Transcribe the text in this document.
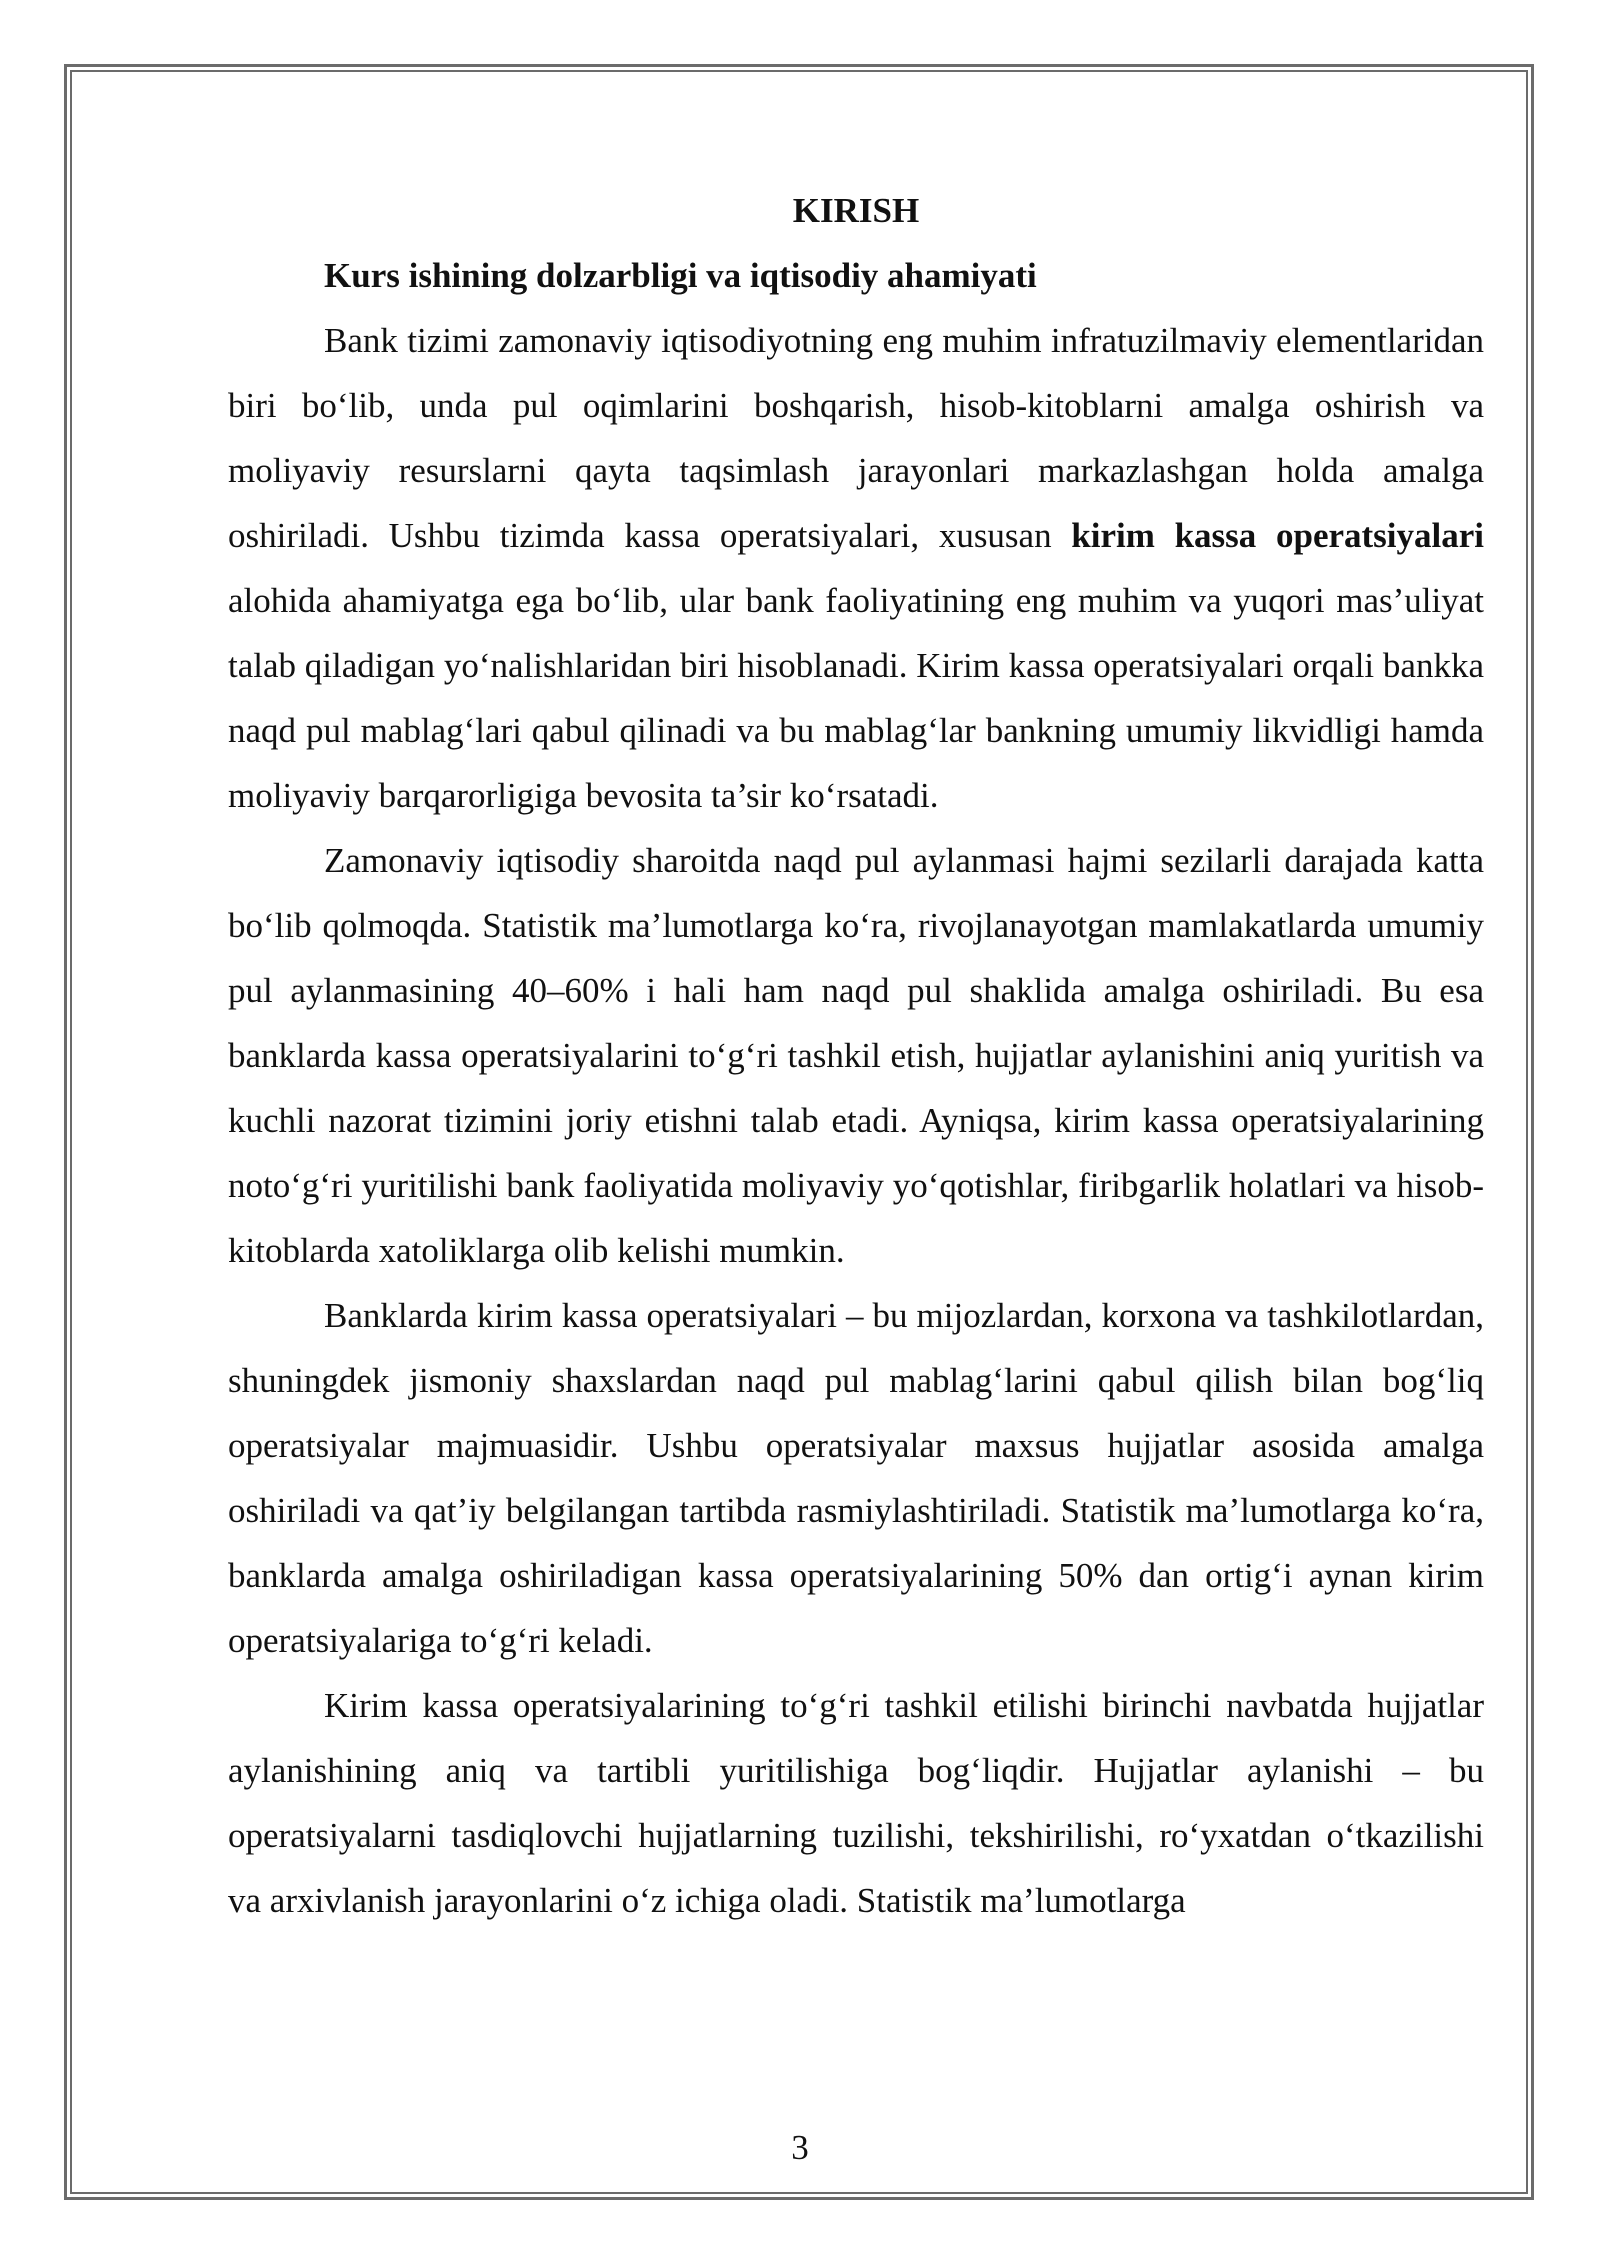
KIRISH
Kurs ishining dolzarbligi va iqtisodiy ahamiyati

Bank tizimi zamonaviy iqtisodiyotning eng muhim infratuzilmaviy elementlaridan biri bo‘lib, unda pul oqimlarini boshqarish, hisob-kitoblarni amalga oshirish va moliyaviy resurslarni qayta taqsimlash jarayonlari markazlashgan holda amalga oshiriladi. Ushbu tizimda kassa operatsiyalari, xususan kirim kassa operatsiyalari alohida ahamiyatga ega bo‘lib, ular bank faoliyatining eng muhim va yuqori mas’uliyat talab qiladigan yo‘nalishlaridan biri hisoblanadi. Kirim kassa operatsiyalari orqali bankka naqd pul mablag‘lari qabul qilinadi va bu mablag‘lar bankning umumiy likvidligi hamda moliyaviy barqarorligiga bevosita ta’sir ko‘rsatadi.

Zamonaviy iqtisodiy sharoitda naqd pul aylanmasi hajmi sezilarli darajada katta bo‘lib qolmoqda. Statistik ma’lumotlarga ko‘ra, rivojlanayotgan mamlakatlarda umumiy pul aylanmasining 40–60% i hali ham naqd pul shaklida amalga oshiriladi. Bu esa banklarda kassa operatsiyalarini to‘g‘ri tashkil etish, hujjatlar aylanishini aniq yuritish va kuchli nazorat tizimini joriy etishni talab etadi. Ayniqsa, kirim kassa operatsiyalarining noto‘g‘ri yuritilishi bank faoliyatida moliyaviy yo‘qotishlar, firibgarlik holatlari va hisob-kitoblarda xatoliklarga olib kelishi mumkin.

Banklarda kirim kassa operatsiyalari – bu mijozlardan, korxona va tashkilotlardan, shuningdek jismoniy shaxslardan naqd pul mablag‘larini qabul qilish bilan bog‘liq operatsiyalar majmuasidir. Ushbu operatsiyalar maxsus hujjatlar asosida amalga oshiriladi va qat’iy belgilangan tartibda rasmiylashtiriladi. Statistik ma’lumotlarga ko‘ra, banklarda amalga oshiriladigan kassa operatsiyalarining 50% dan ortig‘i aynan kirim operatsiyalariga to‘g‘ri keladi.

Kirim kassa operatsiyalarining to‘g‘ri tashkil etilishi birinchi navbatda hujjatlar aylanishining aniq va tartibli yuritilishiga bog‘liqdir. Hujjatlar aylanishi – bu operatsiyalarni tasdiqlovchi hujjatlarning tuzilishi, tekshirilishi, ro‘yxatdan o‘tkazilishi va arxivlanish jarayonlarini o‘z ichiga oladi. Statistik ma’lumotlarga

3
